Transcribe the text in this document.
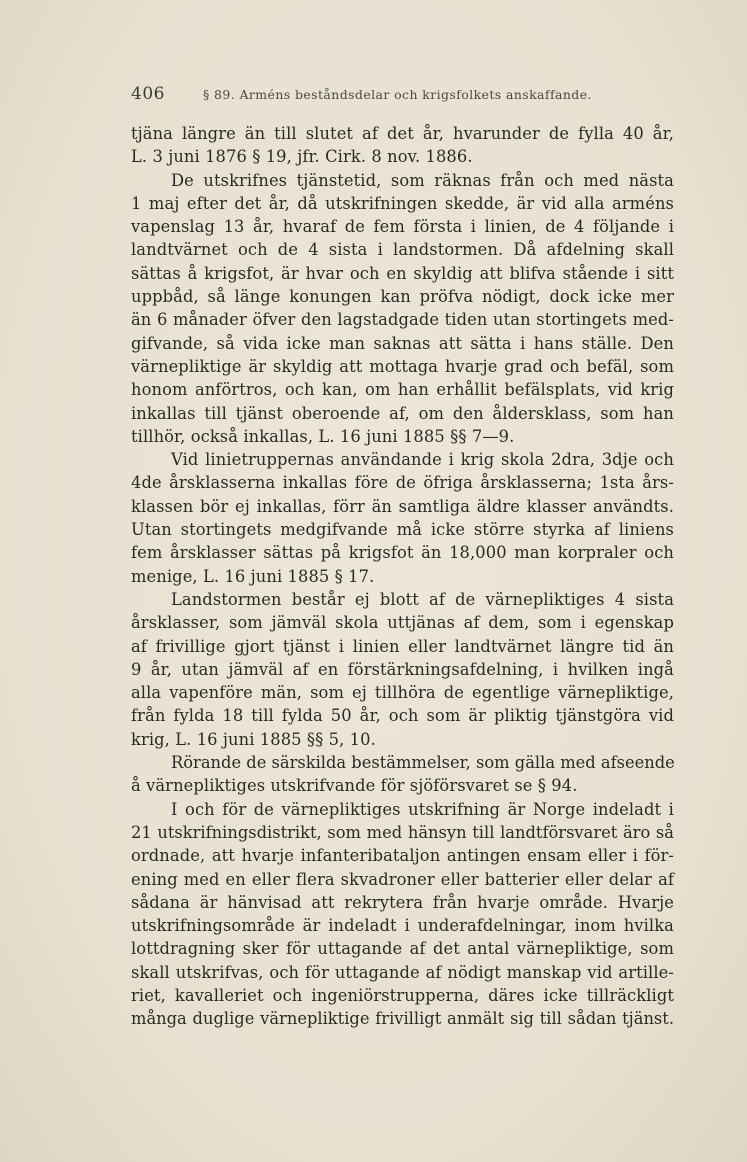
406	§ 89. Arméns beståndsdelar och krigsfolkets anskaffande.
tjäna längre än till slutet af det år, hvarunder de fylla 40 år,
L. 3 juni 1876 § 19, jfr. Cirk. 8 nov. 1886.
De utskrifnes tjänstetid, som räknas från och med nästa
1 maj efter det år, då utskrifningen skedde, är vid alla arméns
vapenslag 13 år, hvaraf de fem första i linien, de 4 följande i
landtvärnet och de 4 sista i landstormen. Då afdelning skall
sättas å krigsfot, är hvar och en skyldig att blifva stående i sitt
uppbåd, så länge konungen kan pröfva nödigt, dock icke mer
än 6 månader öfver den lagstadgade tiden utan stortingets med-
gifvande, så vida icke man saknas att sätta i hans ställe. Den
värnepliktige är skyldig att mottaga hvarje grad och befäl, som
honom anförtros, och kan, om han erhållit befälsplats, vid krig
inkallas till tjänst oberoende af, om den åldersklass, som han
tillhör, också inkallas, L. 16 juni 1885 §§ 7—9.
Vid linietruppernas användande i krig skola 2dra, 3dje och
4de årsklasserna inkallas före de öfriga årsklasserna; 1sta års-
klassen bör ej inkallas, förr än samtliga äldre klasser användts.
Utan stortingets medgifvande må icke större styrka af liniens
fem årsklasser sättas på krigsfot än 18,000 man korpraler och
menige, L. 16 juni 1885 § 17.
Landstormen består ej blott af de värnepliktiges 4 sista
årsklasser, som jämväl skola uttjänas af dem, som i egenskap
af frivillige gjort tjänst i linien eller landtvärnet längre tid än
9 år, utan jämväl af en förstärkningsafdelning, i hvilken ingå
alla vapenföre män, som ej tillhöra de egentlige värnepliktige,
från fylda 18 till fylda 50 år, och som är pliktig tjänstgöra vid
krig, L. 16 juni 1885 §§ 5, 10.
Rörande de särskilda bestämmelser, som gälla med afseende
å värnepliktiges utskrifvande för sjöförsvaret se § 94.
I och för de värnepliktiges utskrifning är Norge indeladt i
21 utskrifningsdistrikt, som med hänsyn till landtförsvaret äro så
ordnade, att hvarje infanteribataljon antingen ensam eller i för-
ening med en eller flera skvadroner eller batterier eller delar af
sådana är hänvisad att rekrytera från hvarje område. Hvarje
utskrifningsområde är indeladt i underafdelningar, inom hvilka
lottdragning sker för uttagande af det antal värnepliktige, som
skall utskrifvas, och för uttagande af nödigt manskap vid artille-
riet, kavalleriet och ingeniörstrupperna, däres icke tillräckligt
många duglige värnepliktige frivilligt anmält sig till sådan tjänst.
